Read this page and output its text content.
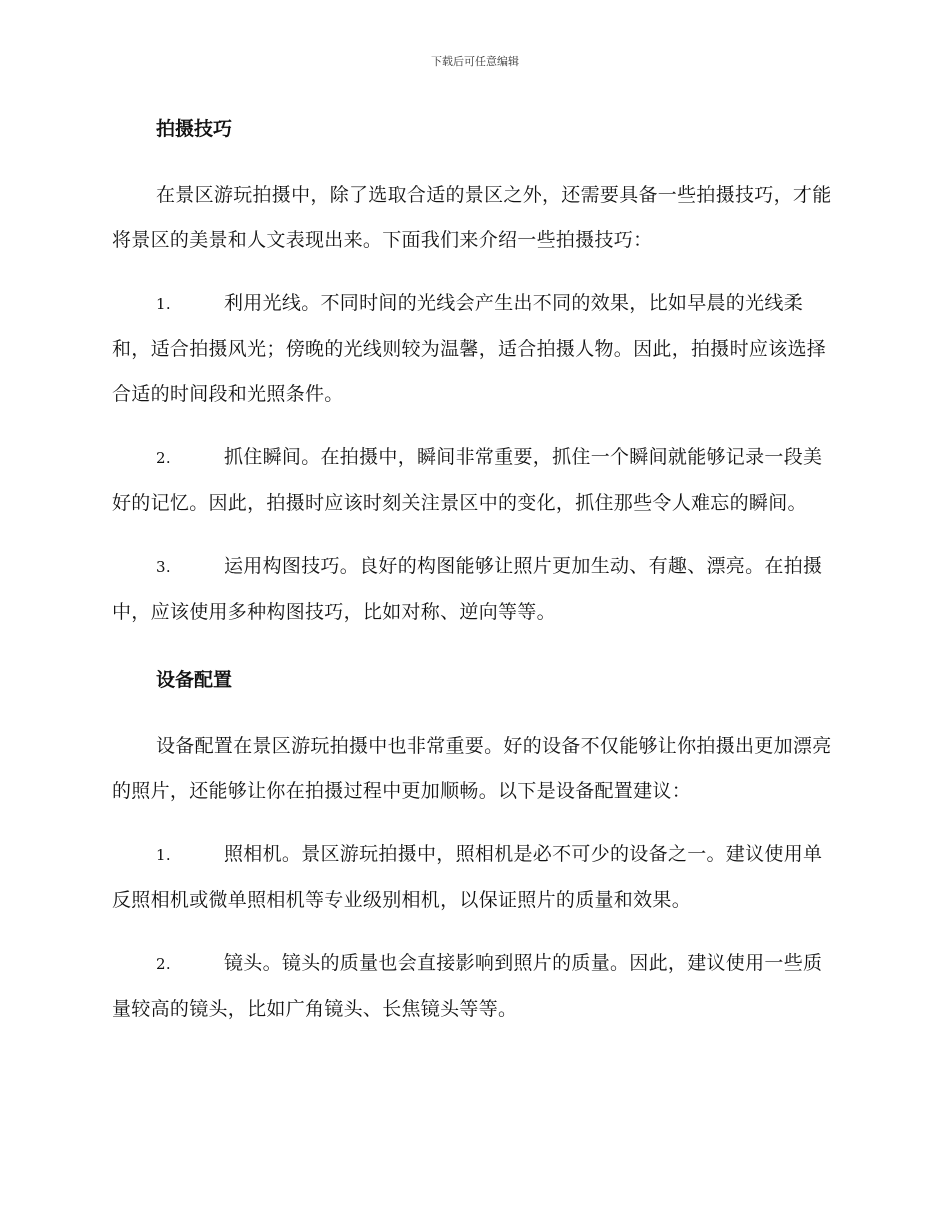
下载后可任意编辑
拍摄技巧

在景区游玩拍摄中，除了选取合适的景区之外，还需要具备一些拍摄技巧，才能将景区的美景和人文表现出来。下面我们来介绍一些拍摄技巧：

1.	利用光线。不同时间的光线会产生出不同的效果，比如早晨的光线柔和，适合拍摄风光；傍晚的光线则较为温馨，适合拍摄人物。因此，拍摄时应该选择合适的时间段和光照条件。

2.	抓住瞬间。在拍摄中，瞬间非常重要，抓住一个瞬间就能够记录一段美好的记忆。因此，拍摄时应该时刻关注景区中的变化，抓住那些令人难忘的瞬间。

3.	运用构图技巧。良好的构图能够让照片更加生动、有趣、漂亮。在拍摄中，应该使用多种构图技巧，比如对称、逆向等等。

设备配置

设备配置在景区游玩拍摄中也非常重要。好的设备不仅能够让你拍摄出更加漂亮的照片，还能够让你在拍摄过程中更加顺畅。以下是设备配置建议：

1.	照相机。景区游玩拍摄中，照相机是必不可少的设备之一。建议使用单反照相机或微单照相机等专业级别相机，以保证照片的质量和效果。

2.	镜头。镜头的质量也会直接影响到照片的质量。因此，建议使用一些质量较高的镜头，比如广角镜头、长焦镜头等等。
